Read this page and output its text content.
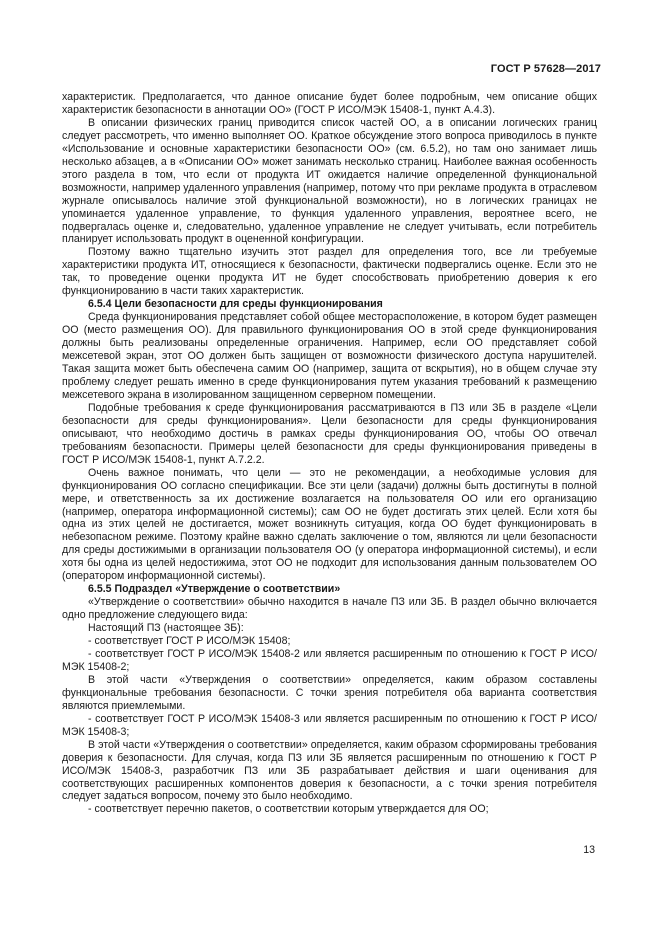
ГОСТ Р 57628—2017

характеристик. Предполагается, что данное описание будет более подробным, чем описание общих характеристик безопасности в аннотации ОО» (ГОСТ Р ИСО/МЭК 15408-1, пункт А.4.3).

В описании физических границ приводится список частей ОО, а в описании логических границ следует рассмотреть, что именно выполняет ОО. Краткое обсуждение этого вопроса приводилось в пункте «Использование и основные характеристики безопасности ОО» (см. 6.5.2), но там оно занимает лишь несколько абзацев, а в «Описании ОО» может занимать несколько страниц. Наиболее важная особенность этого раздела в том, что если от продукта ИТ ожидается наличие определенной функциональной возможности, например удаленного управления (например, потому что при рекламе продукта в отраслевом журнале описывалось наличие этой функциональной возможности), но в логических границах не упоминается удаленное управление, то функция удаленного управления, вероятнее всего, не подвергалась оценке и, следовательно, удаленное управление не следует учитывать, если потребитель планирует использовать продукт в оцененной конфигурации.

Поэтому важно тщательно изучить этот раздел для определения того, все ли требуемые характеристики продукта ИТ, относящиеся к безопасности, фактически подвергались оценке. Если это не так, то проведение оценки продукта ИТ не будет способствовать приобретению доверия к его функционированию в части таких характеристик.

6.5.4 Цели безопасности для среды функционирования

Среда функционирования представляет собой общее месторасположение, в котором будет размещен ОО (место размещения ОО). Для правильного функционирования ОО в этой среде функционирования должны быть реализованы определенные ограничения. Например, если ОО представляет собой межсетевой экран, этот ОО должен быть защищен от возможности физического доступа нарушителей. Такая защита может быть обеспечена самим ОО (например, защита от вскрытия), но в общем случае эту проблему следует решать именно в среде функционирования путем указания требований к размещению межсетевого экрана в изолированном защищенном серверном помещении.

Подобные требования к среде функционирования рассматриваются в ПЗ или ЗБ в разделе «Цели безопасности для среды функционирования». Цели безопасности для среды функционирования описывают, что необходимо достичь в рамках среды функционирования ОО, чтобы ОО отвечал требованиям безопасности. Примеры целей безопасности для среды функционирования приведены в ГОСТ Р ИСО/МЭК 15408-1, пункт А.7.2.2.

Очень важное понимать, что цели — это не рекомендации, а необходимые условия для функционирования ОО согласно спецификации. Все эти цели (задачи) должны быть достигнуты в полной мере, и ответственность за их достижение возлагается на пользователя ОО или его организацию (например, оператора информационной системы); сам ОО не будет достигать этих целей. Если хотя бы одна из этих целей не достигается, может возникнуть ситуация, когда ОО будет функционировать в небезопасном режиме. Поэтому крайне важно сделать заключение о том, являются ли цели безопасности для среды достижимыми в организации пользователя ОО (у оператора информационной системы), и если хотя бы одна из целей недостижима, этот ОО не подходит для использования данным пользователем ОО (оператором информационной системы).

6.5.5 Подраздел «Утверждение о соответствии»

«Утверждение о соответствии» обычно находится в начале ПЗ или ЗБ. В раздел обычно включается одно предложение следующего вида:

Настоящий ПЗ (настоящее ЗБ):

- соответствует ГОСТ Р ИСО/МЭК 15408;

- соответствует ГОСТ Р ИСО/МЭК 15408-2 или является расширенным по отношению к ГОСТ Р ИСО/МЭК 15408-2;

В этой части «Утверждения о соответствии» определяется, каким образом составлены функциональные требования безопасности. С точки зрения потребителя оба варианта соответствия являются приемлемыми.

- соответствует ГОСТ Р ИСО/МЭК 15408-3 или является расширенным по отношению к ГОСТ Р ИСО/МЭК 15408-3;

В этой части «Утверждения о соответствии» определяется, каким образом сформированы требования доверия к безопасности. Для случая, когда ПЗ или ЗБ является расширенным по отношению к ГОСТ Р ИСО/МЭК 15408-3, разработчик ПЗ или ЗБ разрабатывает действия и шаги оценивания для соответствующих расширенных компонентов доверия к безопасности, а с точки зрения потребителя следует задаться вопросом, почему это было необходимо.

- соответствует перечню пакетов, о соответствии которым утверждается для ОО;

13
